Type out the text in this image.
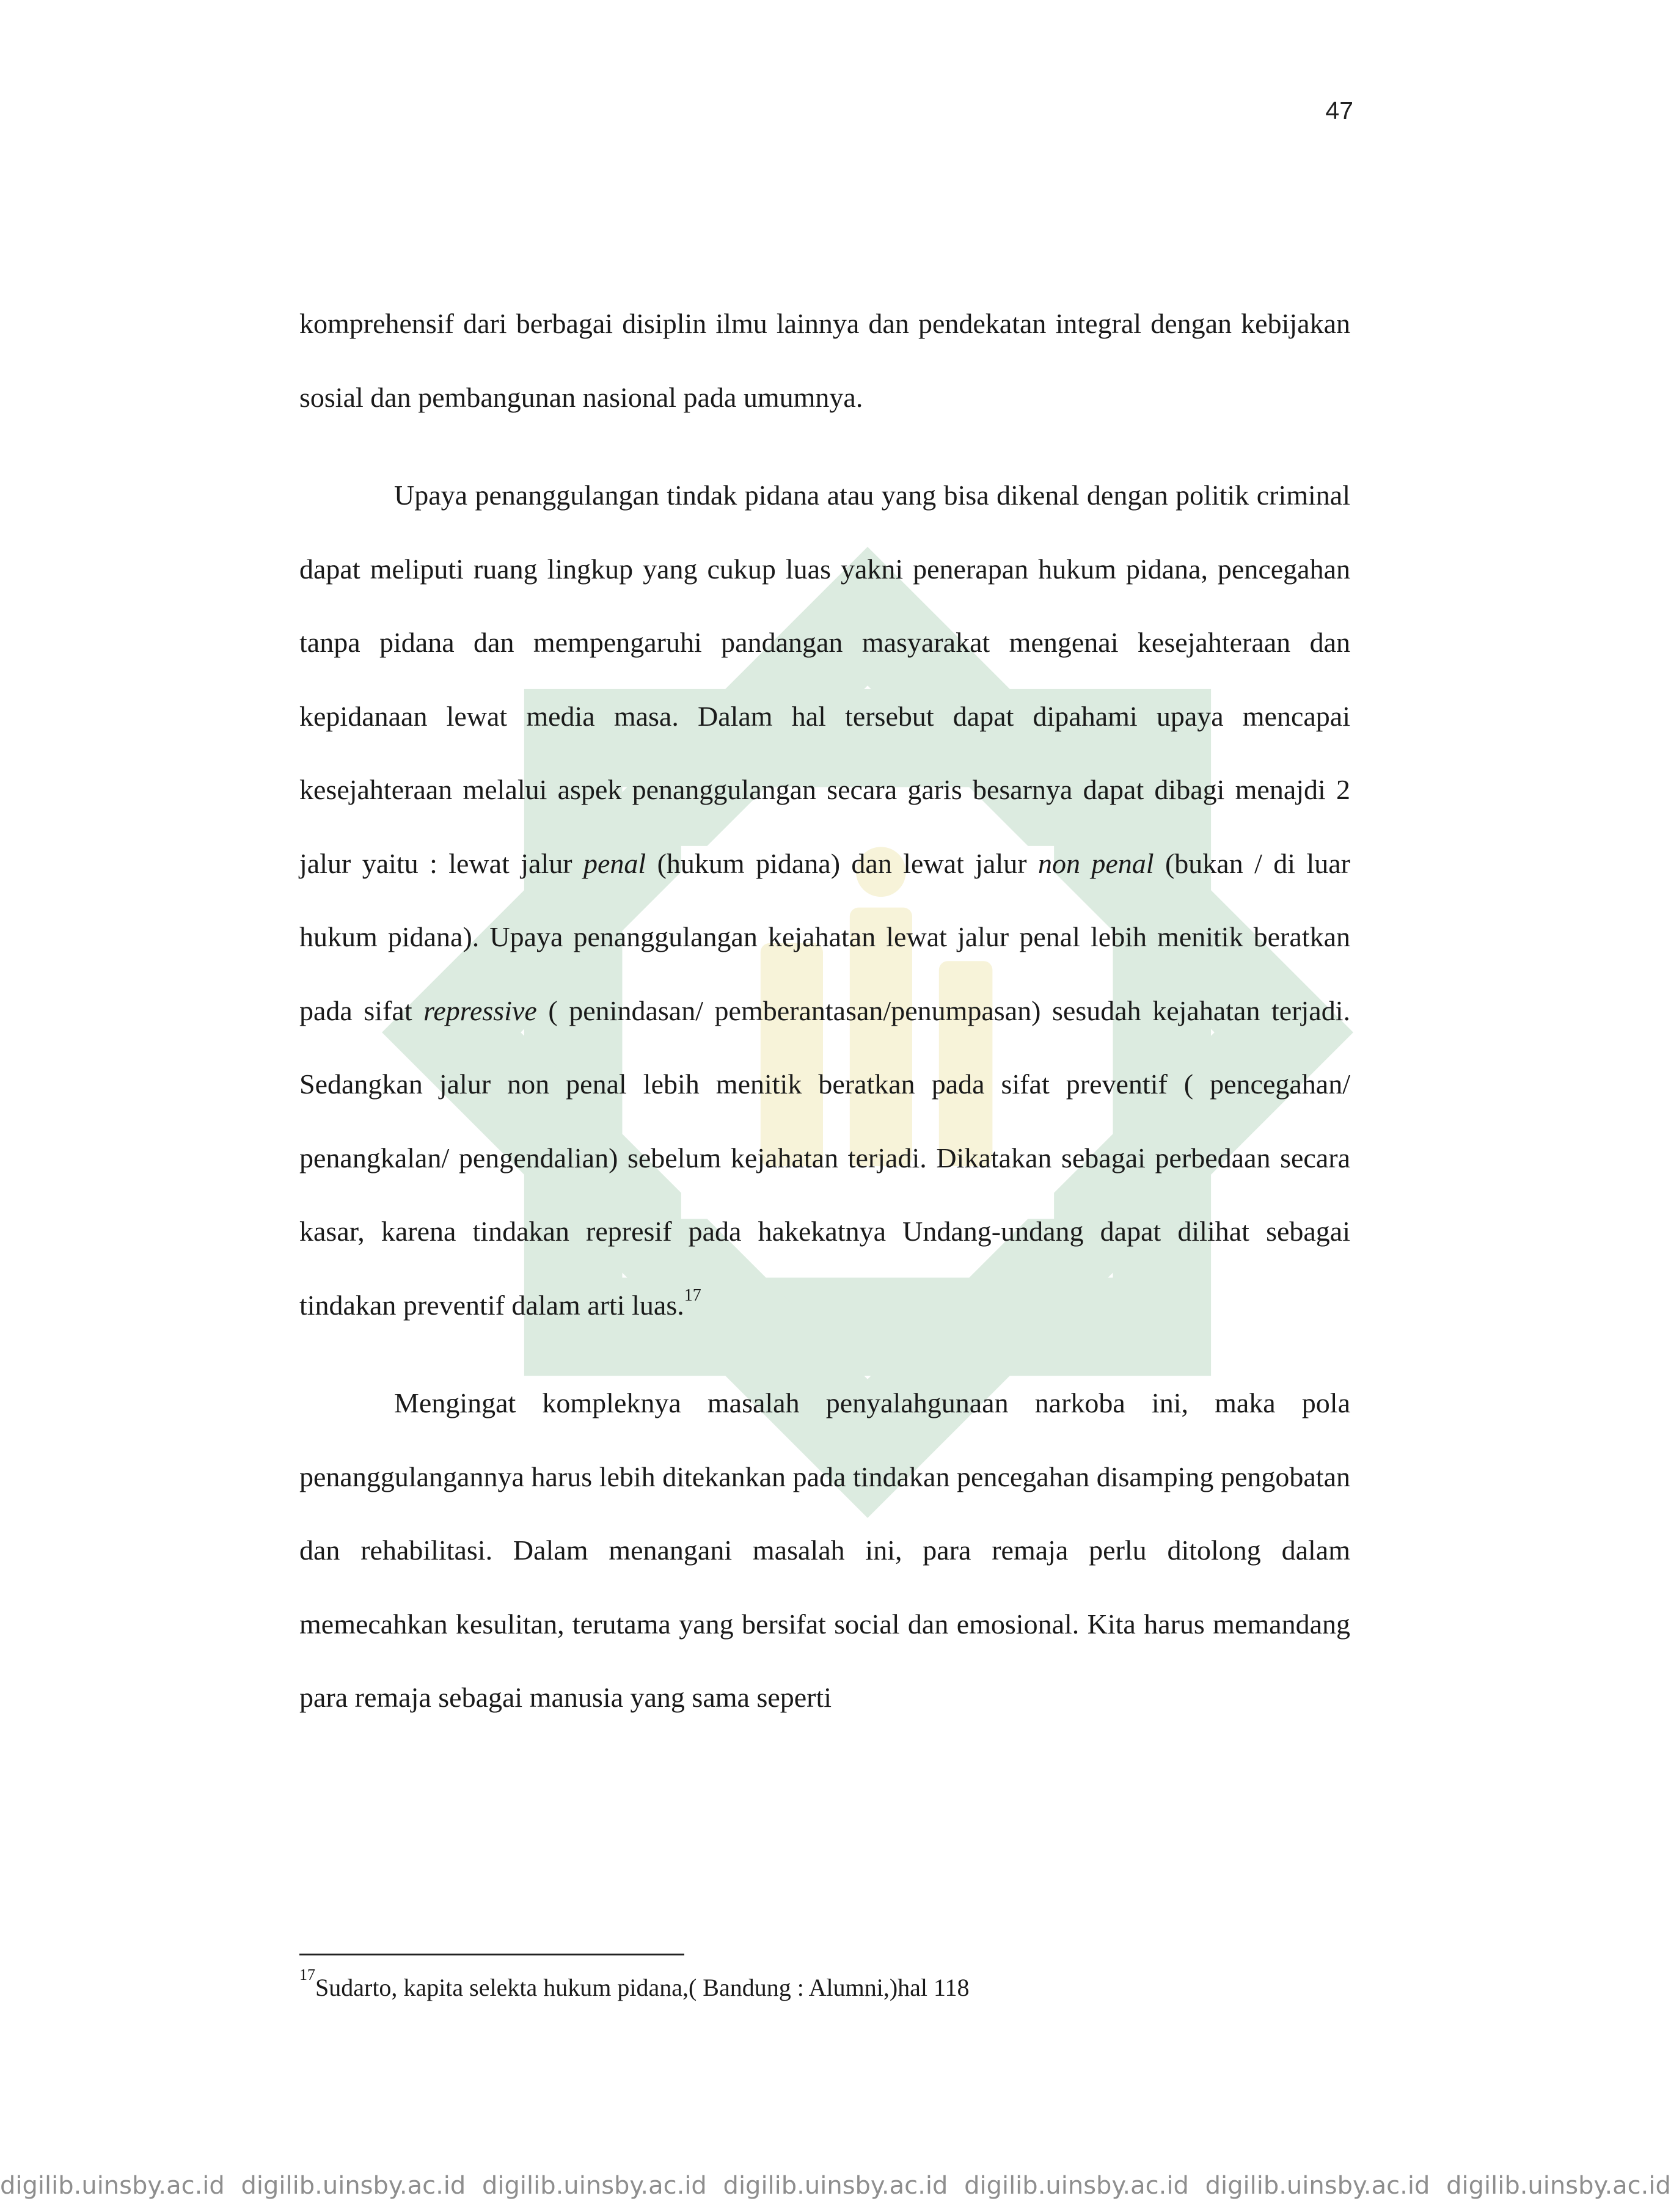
47

komprehensif dari berbagai disiplin ilmu lainnya dan pendekatan integral dengan kebijakan sosial dan pembangunan nasional pada umumnya.

Upaya penanggulangan tindak pidana atau yang bisa dikenal dengan politik criminal dapat meliputi ruang lingkup yang cukup luas yakni penerapan hukum pidana, pencegahan tanpa pidana dan mempengaruhi pandangan masyarakat mengenai kesejahteraan dan kepidanaan lewat media masa. Dalam hal tersebut dapat dipahami upaya mencapai kesejahteraan melalui aspek penanggulangan secara garis besarnya dapat dibagi menajdi 2 jalur yaitu : lewat jalur penal (hukum pidana) dan lewat jalur non penal (bukan / di luar hukum pidana). Upaya penanggulangan kejahatan lewat jalur penal lebih menitik beratkan pada sifat repressive ( penindasan/ pemberantasan/penumpasan) sesudah kejahatan terjadi. Sedangkan jalur non penal lebih menitik beratkan pada sifat preventif ( pencegahan/ penangkalan/ pengendalian) sebelum kejahatan terjadi. Dikatakan sebagai perbedaan secara kasar, karena tindakan represif pada hakekatnya Undang-undang dapat dilihat sebagai tindakan preventif dalam arti luas.$^{17}$

Mengingat kompleknya masalah penyalahgunaan narkoba ini, maka pola penanggulangannya harus lebih ditekankan pada tindakan pencegahan disamping pengobatan dan rehabilitasi. Dalam menangani masalah ini, para remaja perlu ditolong dalam memecahkan kesulitan, terutama yang bersifat social dan emosional. Kita harus memandang para remaja sebagai manusia yang sama seperti

$^{17}$Sudarto, kapita selekta hukum pidana,( Bandung : Alumni,)hal 118
digilib.uinsby.ac.id digilib.uinsby.ac.id digilib.uinsby.ac.id digilib.uinsby.ac.id digilib.uinsby.ac.id digilib.uinsby.ac.id digilib.uinsby.ac.id
